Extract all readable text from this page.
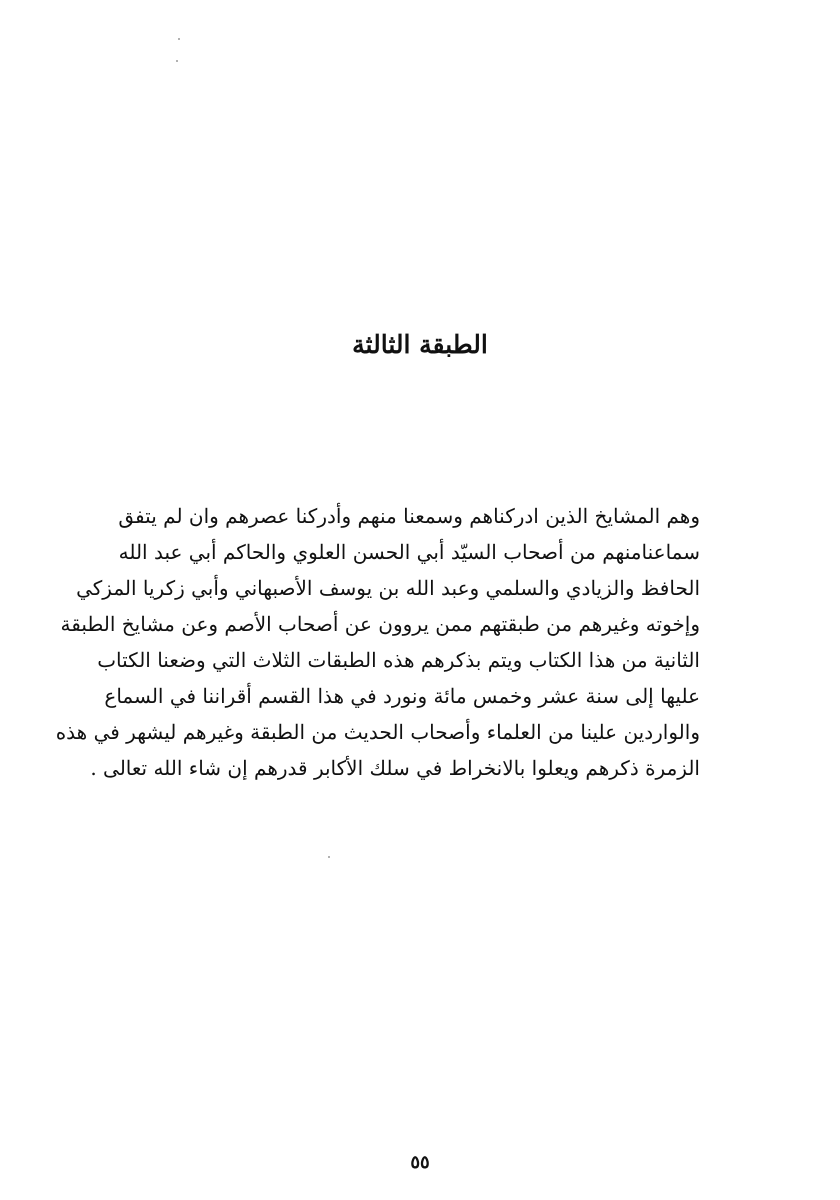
الطبقة الثالثة
وهم المشايخ الذين ادركناهم وسمعنا منهم وأدركنا عصرهم وان لم يتفق
سماعنامنهم من أصحاب السيّد أبي الحسن العلوي والحاكم أبي عبد الله
الحافظ والزيادي والسلمي وعبد الله بن يوسف الأصبهاني وأبي زكريا المزكي
وإخوته وغيرهم من طبقتهم ممن يروون عن أصحاب الأصم وعن مشايخ الطبقة
الثانية من هذا الكتاب ويتم بذكرهم هذه الطبقات الثلاث التي وضعنا الكتاب
عليها إلى سنة عشر وخمس مائة ونورد في هذا القسم أقراننا في السماع
والواردين علينا من العلماء وأصحاب الحديث من الطبقة وغيرهم ليشهر في هذه
الزمرة ذكرهم ويعلوا بالانخراط في سلك الأكابر قدرهم إن شاء الله تعالى .
٥٥
